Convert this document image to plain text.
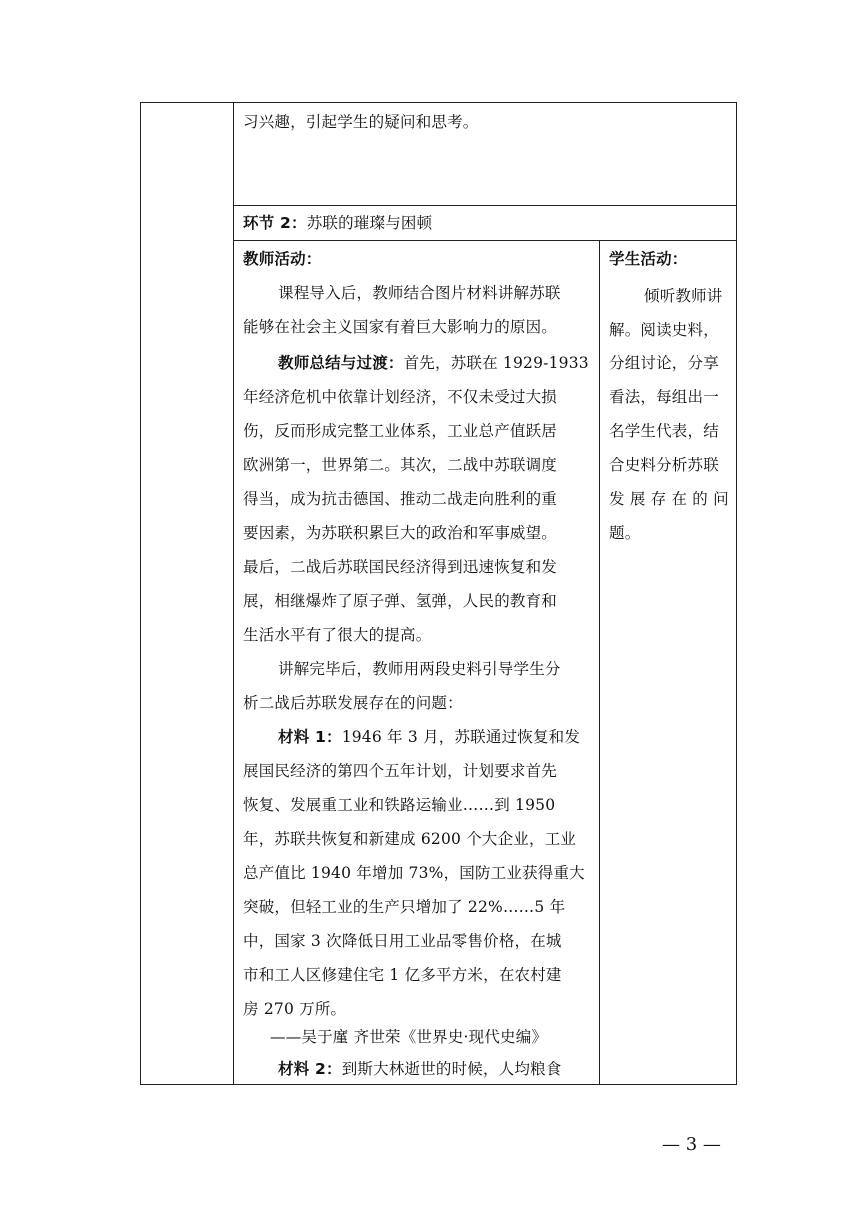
习兴趣，引起学生的疑问和思考。
环节 2：苏联的璀璨与困顿
教师活动：
课程导入后，教师结合图片材料讲解苏联
能够在社会主义国家有着巨大影响力的原因。
教师总结与过渡：首先，苏联在 1929-1933
年经济危机中依靠计划经济，不仅未受过大损
伤，反而形成完整工业体系，工业总产值跃居
欧洲第一，世界第二。其次，二战中苏联调度
得当，成为抗击德国、推动二战走向胜利的重
要因素，为苏联积累巨大的政治和军事威望。
最后，二战后苏联国民经济得到迅速恢复和发
展，相继爆炸了原子弹、氢弹，人民的教育和
生活水平有了很大的提高。
讲解完毕后，教师用两段史料引导学生分
析二战后苏联发展存在的问题：
材料 1：1946 年 3 月，苏联通过恢复和发
展国民经济的第四个五年计划，计划要求首先
恢复、发展重工业和铁路运输业……到 1950
年，苏联共恢复和新建成 6200 个大企业，工业
总产值比 1940 年增加 73%，国防工业获得重大
突破，但轻工业的生产只增加了 22%……5 年
中，国家 3 次降低日用工业品零售价格，在城
市和工人区修建住宅 1 亿多平方米，在农村建
房 270 万所。
——吴于廑 齐世荣《世界史·现代史编》
材料 2：到斯大林逝世的时候，人均粮食
学生活动：
倾听教师讲
解。阅读史料，
分组讨论，分享
看法，每组出一
名学生代表，结
合史料分析苏联
发 展 存 在 的 问
题。
— 3 —
